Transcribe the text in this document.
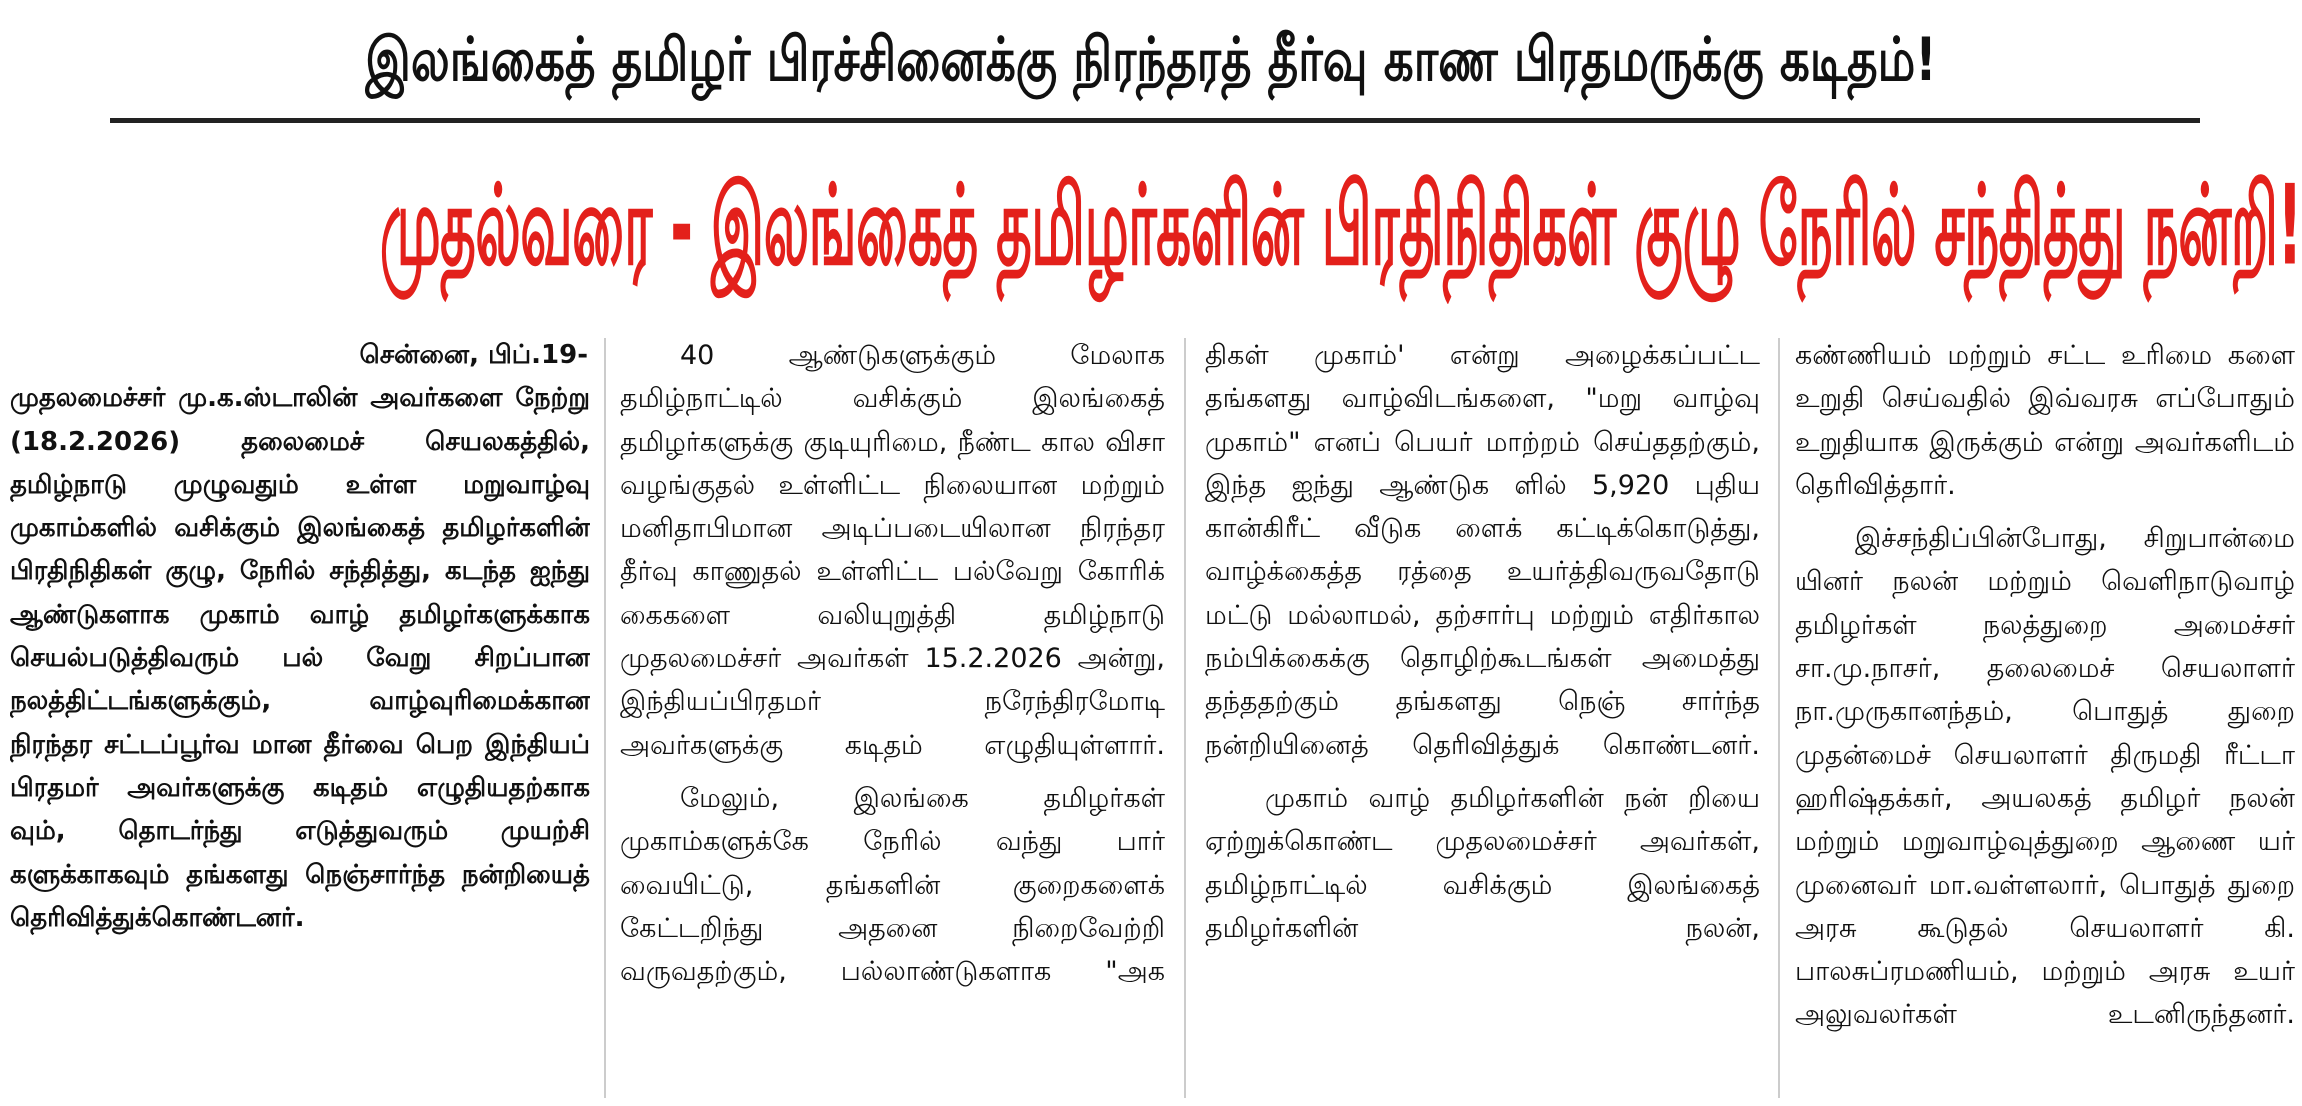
இலங்கைத் தமிழர் பிரச்சினைக்கு நிரந்தரத் தீர்வு காண பிரதமருக்கு கடிதம்!
முதல்வரை - இலங்கைத் தமிழர்களின் பிரதிநிதிகள் குழு நேரில் சந்தித்து நன்றி!

சென்னை, பிப்.19-

முதலமைச்சர் மு.க.ஸ்டாலின் அவர்களை நேற்று (18.2.2026) தலைமைச் செயலகத்தில், தமிழ்நாடு முழுவதும் உள்ள மறுவாழ்வு முகாம்களில் வசிக்கும் இலங்கைத் தமிழர்களின் பிரதிநிதிகள் குழு, நேரில் சந்தித்து, கடந்த ஐந்து ஆண்டுகளாக முகாம் வாழ் தமிழர்களுக்காக செயல்படுத்திவரும் பல் வேறு சிறப்பான நலத்திட்டங்களுக்கும், வாழ்வுரிமைக்கான நிரந்தர சட்டப்பூர்வ மான தீர்வை பெற இந்தியப் பிரதமர் அவர்களுக்கு கடிதம் எழுதியதற்காக வும், தொடர்ந்து எடுத்துவரும் முயற்சி களுக்காகவும் தங்களது நெஞ்சார்ந்த நன்றியைத் தெரிவித்துக்கொண்டனர்.

40 ஆண்டுகளுக்கும் மேலாக தமிழ்நாட்டில் வசிக்கும் இலங்கைத் தமிழர்களுக்கு குடியுரிமை, நீண்ட கால விசா வழங்குதல் உள்ளிட்ட நிலையான மற்றும் மனிதாபிமான அடிப்படையிலான நிரந்தர தீர்வு காணுதல் உள்ளிட்ட பல்வேறு கோரிக் கைகளை வலியுறுத்தி தமிழ்நாடு முதலமைச்சர் அவர்கள் 15.2.2026 அன்று, இந்தியப்பிரதமர் நரேந்திரமோடி அவர்களுக்கு கடிதம் எழுதியுள்ளார்.

மேலும், இலங்கை தமிழர்கள் முகாம்களுக்கே நேரில் வந்து பார் வையிட்டு, தங்களின் குறைகளைக் கேட்டறிந்து அதனை நிறைவேற்றி வருவதற்கும், பல்லாண்டுகளாக "அக

திகள் முகாம்' என்று அழைக்கப்பட்ட தங்களது வாழ்விடங்களை, "மறு வாழ்வு முகாம்" எனப் பெயர் மாற்றம் செய்ததற்கும், இந்த ஐந்து ஆண்டுக ளில் 5,920 புதிய கான்கிரீட் வீடுக ளைக் கட்டிக்கொடுத்து, வாழ்க்கைத்த ரத்தை உயர்த்திவருவதோடு மட்டு மல்லாமல், தற்சார்பு மற்றும் எதிர்கால நம்பிக்கைக்கு தொழிற்கூடங்கள் அமைத்து தந்ததற்கும் தங்களது நெஞ் சார்ந்த நன்றியினைத் தெரிவித்துக் கொண்டனர்.

முகாம் வாழ் தமிழர்களின் நன் றியை ஏற்றுக்கொண்ட முதலமைச்சர் அவர்கள், தமிழ்நாட்டில் வசிக்கும் இலங்கைத் தமிழர்களின் நலன்,

கண்ணியம் மற்றும் சட்ட உரிமை களை உறுதி செய்வதில் இவ்வரசு எப்போதும் உறுதியாக இருக்கும் என்று அவர்களிடம் தெரிவித்தார்.

இச்சந்திப்பின்போது, சிறுபான்மை யினர் நலன் மற்றும் வெளிநாடுவாழ் தமிழர்கள் நலத்துறை அமைச்சர் சா.மு.நாசர், தலைமைச் செயலாளர் நா.முருகானந்தம், பொதுத் துறை முதன்மைச் செயலாளர் திருமதி ரீட்டா ஹரிஷ்தக்கர், அயலகத் தமிழர் நலன் மற்றும் மறுவாழ்வுத்துறை ஆணை யர் முனைவர் மா.வள்ளலார், பொதுத் துறை அரசு கூடுதல் செயலாளர் கி. பாலசுப்ரமணியம், மற்றும் அரசு உயர் அலுவலர்கள் உடனிருந்தனர்.
